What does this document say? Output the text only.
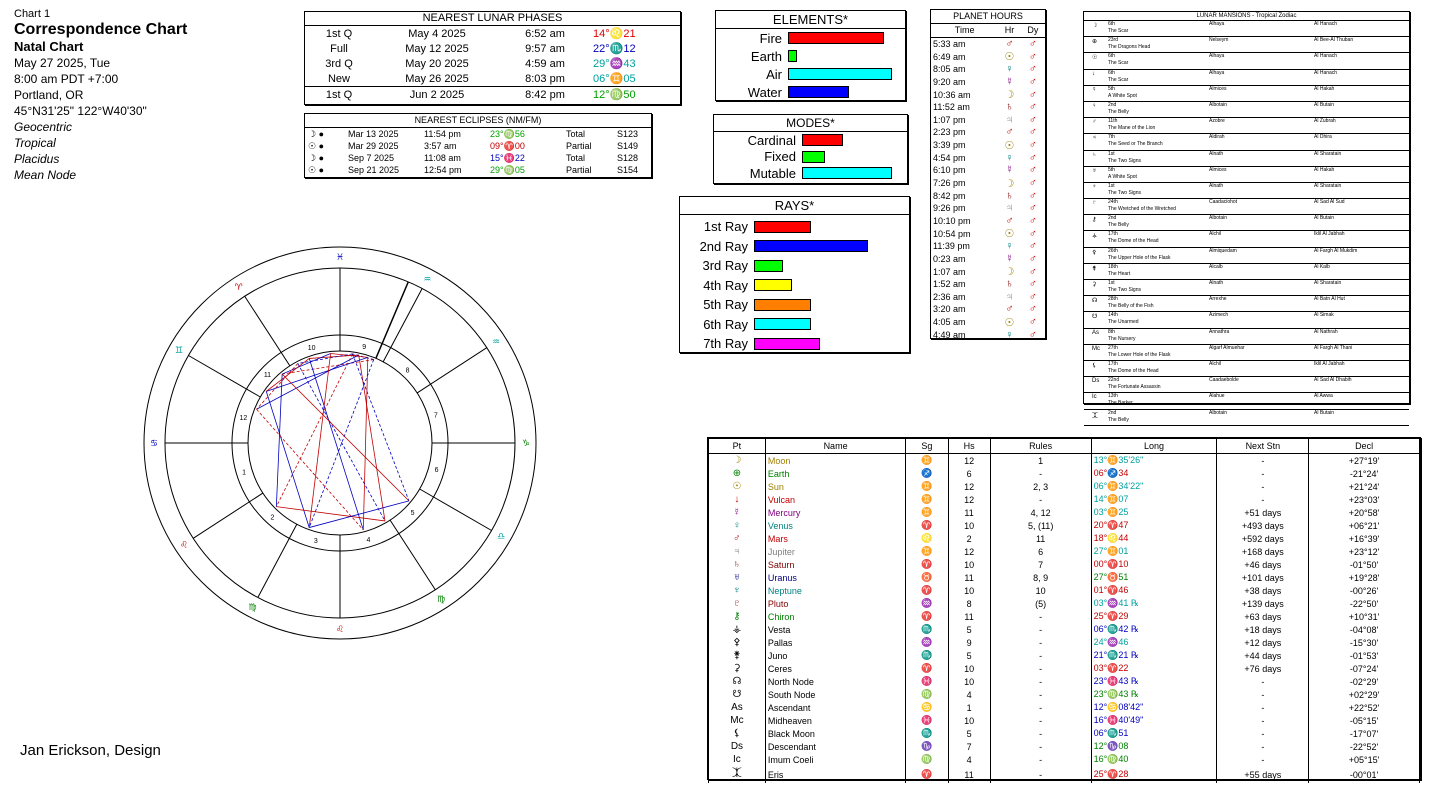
Chart 1
Correspondence Chart
Natal Chart
May 27 2025, Tue
8:00 am PDT +7:00
Portland, OR
45°N31'25" 122°W40'30"
Geocentric
Tropical
Placidus
Mean Node
Jan Erickson, Design
NEAREST LUNAR PHASES
1st Q	May 4 2025	6:52 am	14°♌21
Full	May 12 2025	9:57 am	22°♏12
3rd Q	May 20 2025	4:59 am	29°♒43
New	May 26 2025	8:03 pm	06°♊05
1st Q	Jun 2 2025	8:42 pm	12°♍50
NEAREST ECLIPSES (NM/FM)
☽ ●	Mar 13 2025	11:54 pm	23°♍56	Total	S123
☉ ●	Mar 29 2025	3:57 am	09°♈00	Partial	S149
☽ ●	Sep 7 2025	11:08 am	15°♓22	Total	S128
☉ ●	Sep 21 2025	12:54 pm	29°♍05	Partial	S154
ELEMENTS*
Fire
Earth
Air
Water
MODES*
Cardinal
Fixed
Mutable
RAYS*
1st Ray
2nd Ray
3rd Ray
4th Ray
5th Ray
6th Ray
7th Ray
PLANET HOURS
Time	Hr	Dy
5:33 am	♂	♂
6:49 am	☉	♂
8:05 am	♀	♂
9:20 am	☿	♂
10:36 am	☽	♂
11:52 am	♄	♂
1:07 pm	♃	♂
2:23 pm	♂	♂
3:39 pm	☉	♂
4:54 pm	♀	♂
6:10 pm	☿	♂
7:26 pm	☽	♂
8:42 pm	♄	♂
9:26 pm	♃	♂
10:10 pm	♂	♂
10:54 pm	☉	♂
11:39 pm	♀	♂
0:23 am	☿	♂
1:07 am	☽	♂
1:52 am	♄	♂
2:36 am	♃	♂
3:20 am	♂	♂
4:05 am	☉	♂
4:49 am	♀	♂
LUNAR MANSIONS - Tropical Zodiac
☽ 6th	Alhaya	Al Hanach
The Scar
⊕ 23rd	Nelseym	Al Bee-Al Thuban
The Dragons Head
☉ 6th	Alhaya	Al Hanach
The Scar
↓	6th	Alhaya	Al Hanach
The Scar
☿ 5th	Almices	Al Hakah
A White Spot
♀ 2nd	Albotain	Al Butain
The Belly
♂ 11th	Azobre	Al Zubrah
The Mane of the Lion
♃ 7th	Aldirah	Al Dhira
The Seed or The Branch
♄ 1st	Alnath	Al Sharatain
The Two Signs
♅ 5th	Almices	Al Hakah
A White Spot
♆ 1st	Alnath	Al Sharatain
The Two Signs
♇ 24th	Caadaciohot	Al Sad Al Sud
The Wretched of the Wretched
⚷ 2nd	Albotain	Al Butain
The Belly
⚶ 17th	Alchil	Iklil Al Jabhah
The Dome of the Head
⚴ 26th	Almiquedam	Al Fargh Al Mukdim
The Upper Hole of the Flask
⚵ 18th	Alcalb	Al Kalb
The Heart
⚳ 1st	Alnath	Al Sharatain
The Two Signs
☊ 28th	Arrexhe	Al Batn Al Hut
The Belly of the Fish
☋ 14th	Azimech	Al Simak
The Unarmed
As 8th	Annathra	Al Nathrah
The Nursery
Mc 27th	Algarf Almuehar	Al Fargh Al Thani
The Lower Hole of the Flask
⚸ 17th	Alchil	Iklil Al Jabhah
The Dome of the Head
Ds 22nd	Caadaebolde	Al Sad Al Dhabih
The Fortunate Assassin
Ic 13th	Alahue	Al Awwa
The Barker
⯰ 2nd	Albotain	Al Butain
The Belly
Pt	Name	Sg	Hs	Rules	Long	Next Stn	Decl
☽	Moon	♊	12	1	13°♊35'26"	-	+27°19'
⊕	Earth	♐	6	-	06°♐34	-	-21°24'
☉	Sun	♊	12	2, 3	06°♊34'22"	-	+21°24'
↓	Vulcan	♊	12	-	14°♊07	-	+23°03'
☿	Mercury	♊	11	4, 12	03°♊25	+51 days	+20°58'
♀	Venus	♈	10	5, (11)	20°♈47	+493 days	+06°21'
♂	Mars	♌	2	11	18°♌44	+592 days	+16°39'
♃	Jupiter	♊	12	6	27°♊01	+168 days	+23°12'
♄	Saturn	♈	10	7	00°♈10	+46 days	-01°50'
♅	Uranus	♉	11	8, 9	27°♉51	+101 days	+19°28'
♆	Neptune	♈	10	10	01°♈46	+38 days	-00°26'
♇	Pluto	♒	8	(5)	03°♒41 ℞	+139 days	-22°50'
⚷	Chiron	♈	11	-	25°♈29	+63 days	+10°31'
⚶	Vesta	♏	5	-	06°♏42 ℞	+18 days	-04°08'
⚴	Pallas	♒	9	-	24°♒46	+12 days	-15°30'
⚵	Juno	♏	5	-	21°♏21 ℞	+44 days	-01°53'
⚳	Ceres	♈	10	-	03°♈22	+76 days	-07°24'
☊	North Node	♓	10	-	23°♓43 ℞	-	-02°29'
☋	South Node	♍	4	-	23°♍43 ℞	-	+02°29'
As	Ascendant	♋	1	-	12°♋08'42"	-	+22°52'
Mc	Midheaven	♓	10	-	16°♓40'49"	-	-05°15'
⚸	Black Moon	♏	5	-	06°♏51	-	-17°07'
Ds	Descendant	♑	7	-	12°♑08	-	-22°52'
Ic	Imum Coeli	♍	4	-	16°♍40	-	+05°15'
⯰	Eris	♈	11	-	25°♈28	+55 days	-00°01'
1
♋
2
♌	3
♍
4
♌
5
♍
6
♎
7
♑
8
♒
9
♒
10
♓
11
♈
12
♊
